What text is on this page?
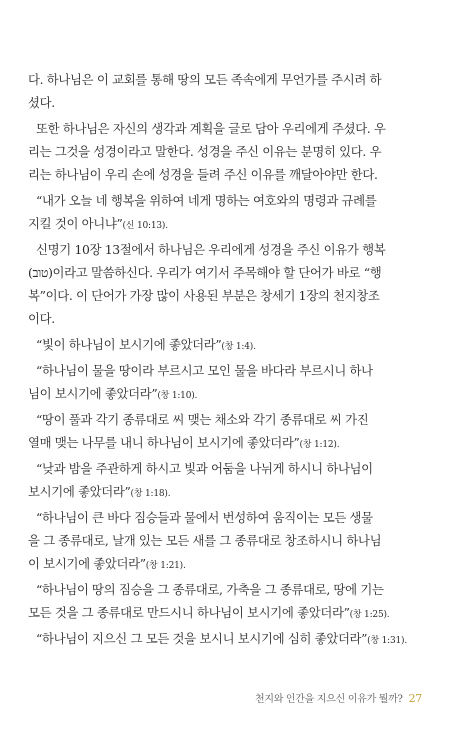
다. 하나님은 이 교회를 통해 땅의 모든 족속에게 무언가를 주시려 하
셨다.
또한 하나님은 자신의 생각과 계획을 글로 담아 우리에게 주셨다. 우
리는 그것을 성경이라고 말한다. 성경을 주신 이유는 분명히 있다. 우
리는 하나님이 우리 손에 성경을 들려 주신 이유를 깨달아야만 한다.
“내가 오늘 네 행복을 위하여 네게 명하는 여호와의 명령과 규례를
지킬 것이 아니냐”(신 10:13).
신명기 10장 13절에서 하나님은 우리에게 성경을 주신 이유가 행복
(טוב)이라고 말씀하신다. 우리가 여기서 주목해야 할 단어가 바로 “행
복”이다. 이 단어가 가장 많이 사용된 부분은 창세기 1장의 천지창조
이다.
“빛이 하나님이 보시기에 좋았더라”(창 1:4).
“하나님이 물을 땅이라 부르시고 모인 물을 바다라 부르시니 하나
님이 보시기에 좋았더라”(창 1:10).
“땅이 풀과 각기 종류대로 씨 맺는 채소와 각기 종류대로 씨 가진
열매 맺는 나무를 내니 하나님이 보시기에 좋았더라”(창 1:12).
“낮과 밤을 주관하게 하시고 빛과 어둠을 나뉘게 하시니 하나님이
보시기에 좋았더라”(창 1:18).
“하나님이 큰 바다 짐승들과 물에서 번성하여 움직이는 모든 생물
을 그 종류대로, 날개 있는 모든 새를 그 종류대로 창조하시니 하나님
이 보시기에 좋았더라”(창 1:21).
“하나님이 땅의 짐승을 그 종류대로, 가축을 그 종류대로, 땅에 기는
모든 것을 그 종류대로 만드시니 하나님이 보시기에 좋았더라”(창 1:25).
“하나님이 지으신 그 모든 것을 보시니 보시기에 심히 좋았더라”(창 1:31).
천지와 인간을 지으신 이유가 뭘까? 27
